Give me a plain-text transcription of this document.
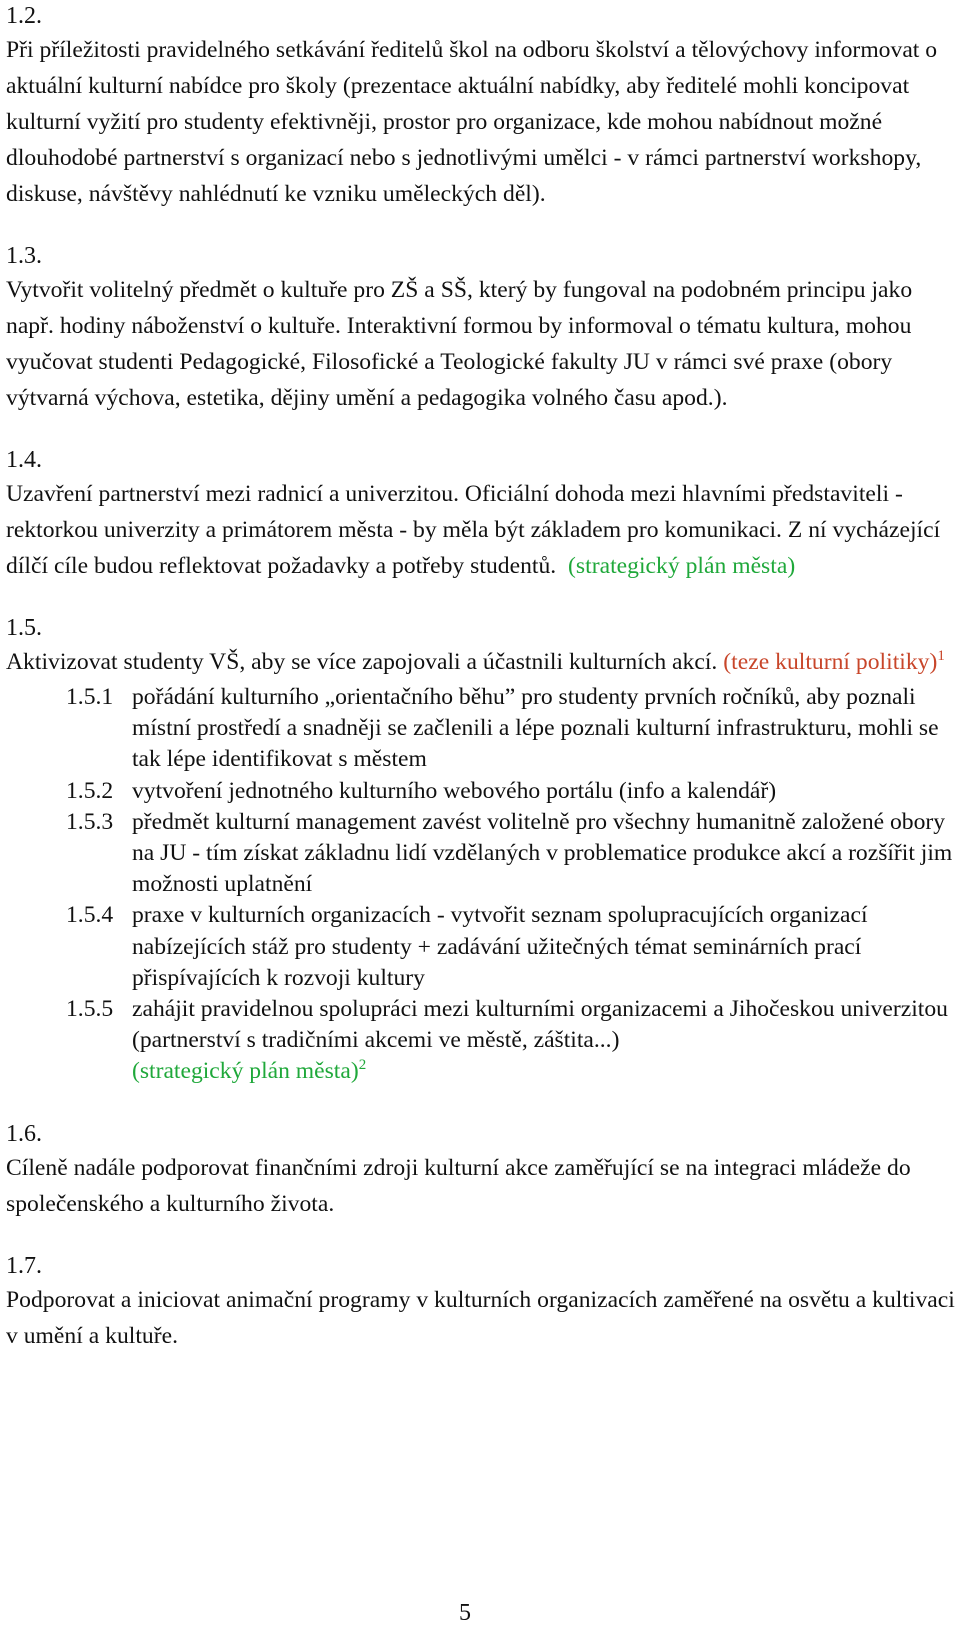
1.2.

Při příležitosti pravidelného setkávání ředitelů škol na odboru školství a tělovýchovy informovat o aktuální kulturní nabídce pro školy (prezentace aktuální nabídky, aby ředitelé mohli koncipovat kulturní vyžití pro studenty efektivněji, prostor pro organizace, kde mohou nabídnout možné dlouhodobé partnerství s organizací nebo s jednotlivými umělci - v rámci partnerství workshopy, diskuse, návštěvy nahlédnutí ke vzniku uměleckých děl).

1.3.

Vytvořit volitelný předmět o kultuře pro ZŠ a SŠ, který by fungoval na podobném principu jako např. hodiny náboženství o kultuře. Interaktivní formou by informoval o tématu kultura, mohou vyučovat studenti Pedagogické, Filosofické a Teologické fakulty JU v rámci své praxe (obory výtvarná výchova, estetika, dějiny umění a pedagogika volného času apod.).

1.4.

Uzavření partnerství mezi radnicí a univerzitou. Oficiální dohoda mezi hlavními představiteli - rektorkou univerzity a primátorem města - by měla být základem pro komunikaci. Z ní vycházející dílčí cíle budou reflektovat požadavky a potřeby studentů. (strategický plán města)

1.5.

Aktivizovat studenty VŠ, aby se více zapojovali a účastnili kulturních akcí. (teze kulturní politiky)$^1$

1.5.1 pořádání kulturního „orientačního běhu” pro studenty prvních ročníků, aby poznali místní prostředí a snadněji se začlenili a lépe poznali kulturní infrastrukturu, mohli se tak lépe identifikovat s městem
1.5.2 vytvoření jednotného kulturního webového portálu (info a kalendář)
1.5.3 předmět kulturní management zavést volitelně pro všechny humanitně založené obory na JU - tím získat základnu lidí vzdělaných v problematice produkce akcí a rozšířit jim možnosti uplatnění
1.5.4 praxe v kulturních organizacích - vytvořit seznam spolupracujících organizací nabízejících stáž pro studenty + zadávání užitečných témat seminárních prací přispívajících k rozvoji kultury
1.5.5 zahájit pravidelnou spolupráci mezi kulturními organizacemi a Jihočeskou univerzitou (partnerství s tradičními akcemi ve městě, záštita...)
(strategický plán města)$^2$

1.6.

Cíleně nadále podporovat finančními zdroji kulturní akce zaměřující se na integraci mládeže do společenského a kulturního života.

1.7.

Podporovat a iniciovat animační programy v kulturních organizacích zaměřené na osvětu a kultivaci v umění a kultuře.

5
